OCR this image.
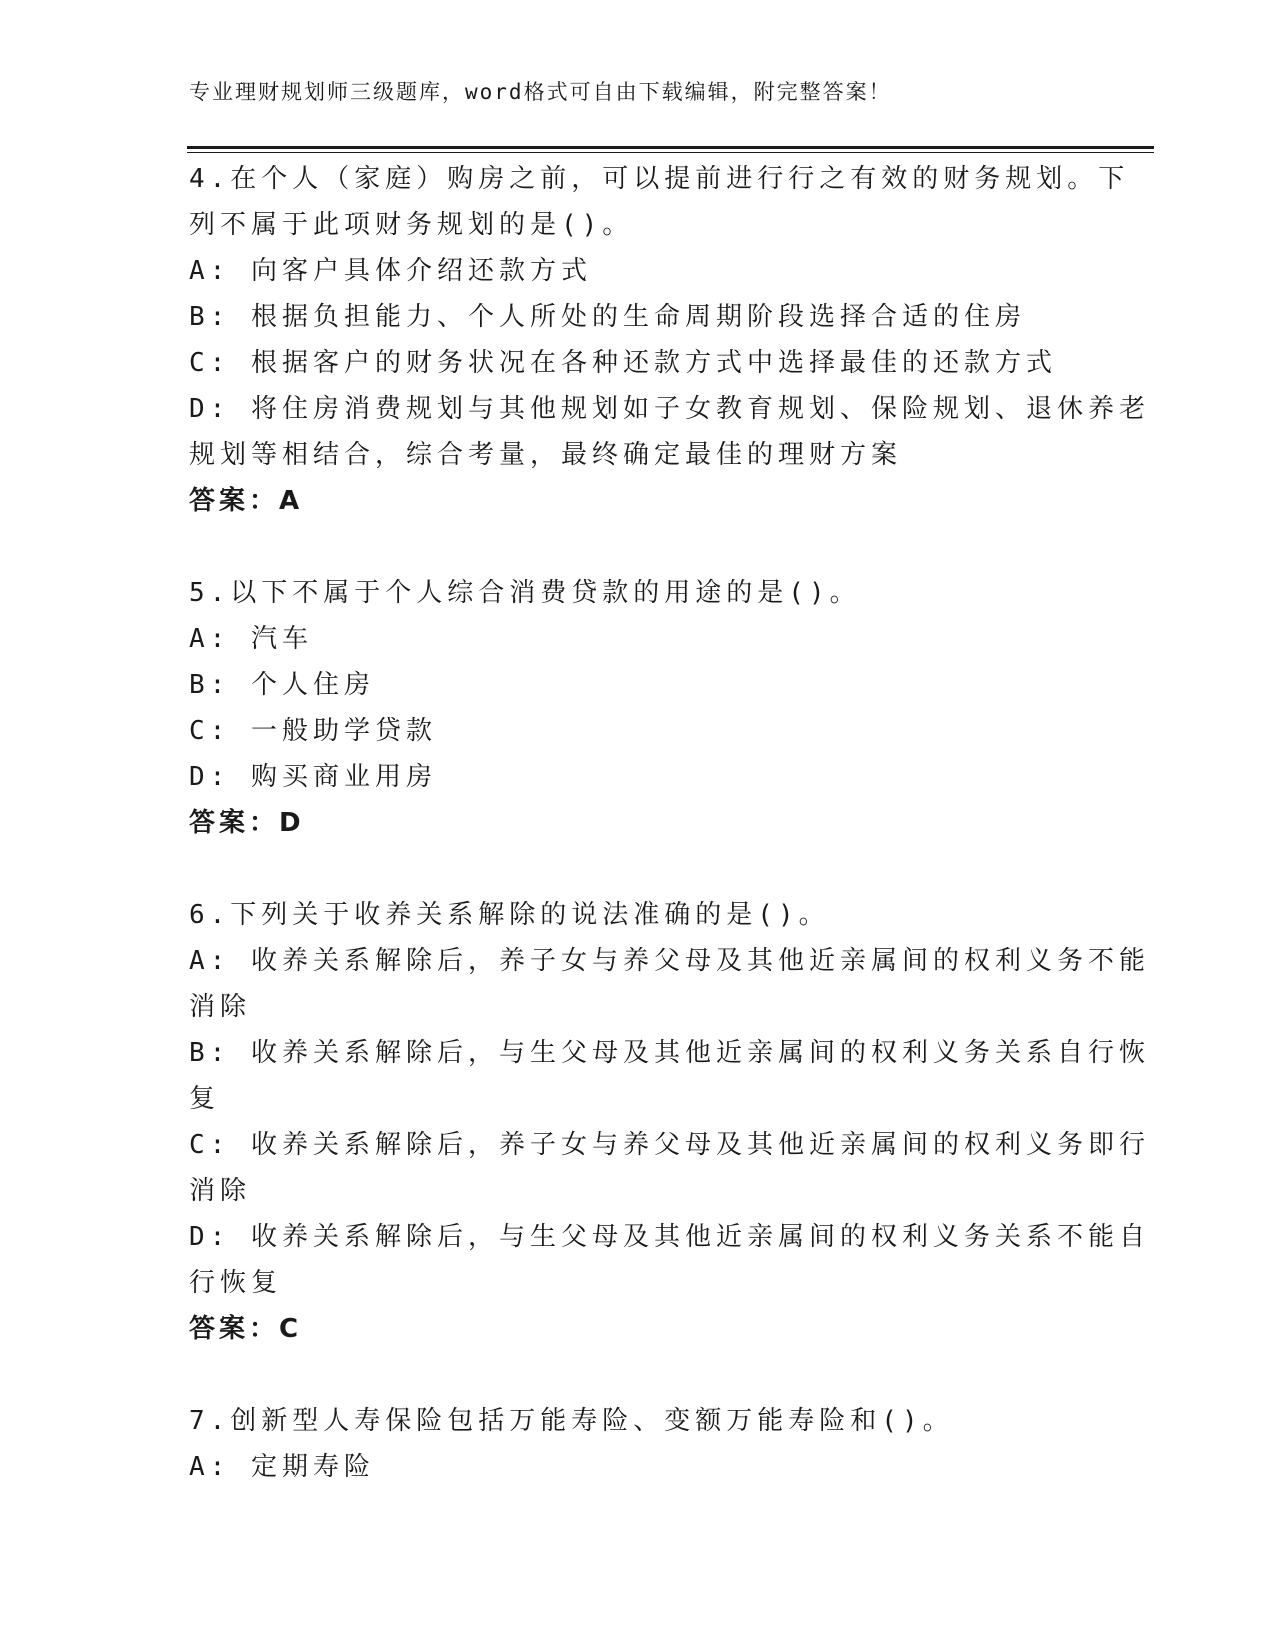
专业理财规划师三级题库，word格式可自由下载编辑，附完整答案！
4.在个人（家庭）购房之前，可以提前进行行之有效的财务规划。下
列不属于此项财务规划的是()。
A: 向客户具体介绍还款方式
B: 根据负担能力、个人所处的生命周期阶段选择合适的住房
C: 根据客户的财务状况在各种还款方式中选择最佳的还款方式
D: 将住房消费规划与其他规划如子女教育规划、保险规划、退休养老
规划等相结合，综合考量，最终确定最佳的理财方案
答案：A
5.以下不属于个人综合消费贷款的用途的是()。
A: 汽车
B: 个人住房
C: 一般助学贷款
D: 购买商业用房
答案：D
6.下列关于收养关系解除的说法准确的是()。
A: 收养关系解除后，养子女与养父母及其他近亲属间的权利义务不能
消除
B: 收养关系解除后，与生父母及其他近亲属间的权利义务关系自行恢
复
C: 收养关系解除后，养子女与养父母及其他近亲属间的权利义务即行
消除
D: 收养关系解除后，与生父母及其他近亲属间的权利义务关系不能自
行恢复
答案：C
7.创新型人寿保险包括万能寿险、变额万能寿险和()。
A: 定期寿险
